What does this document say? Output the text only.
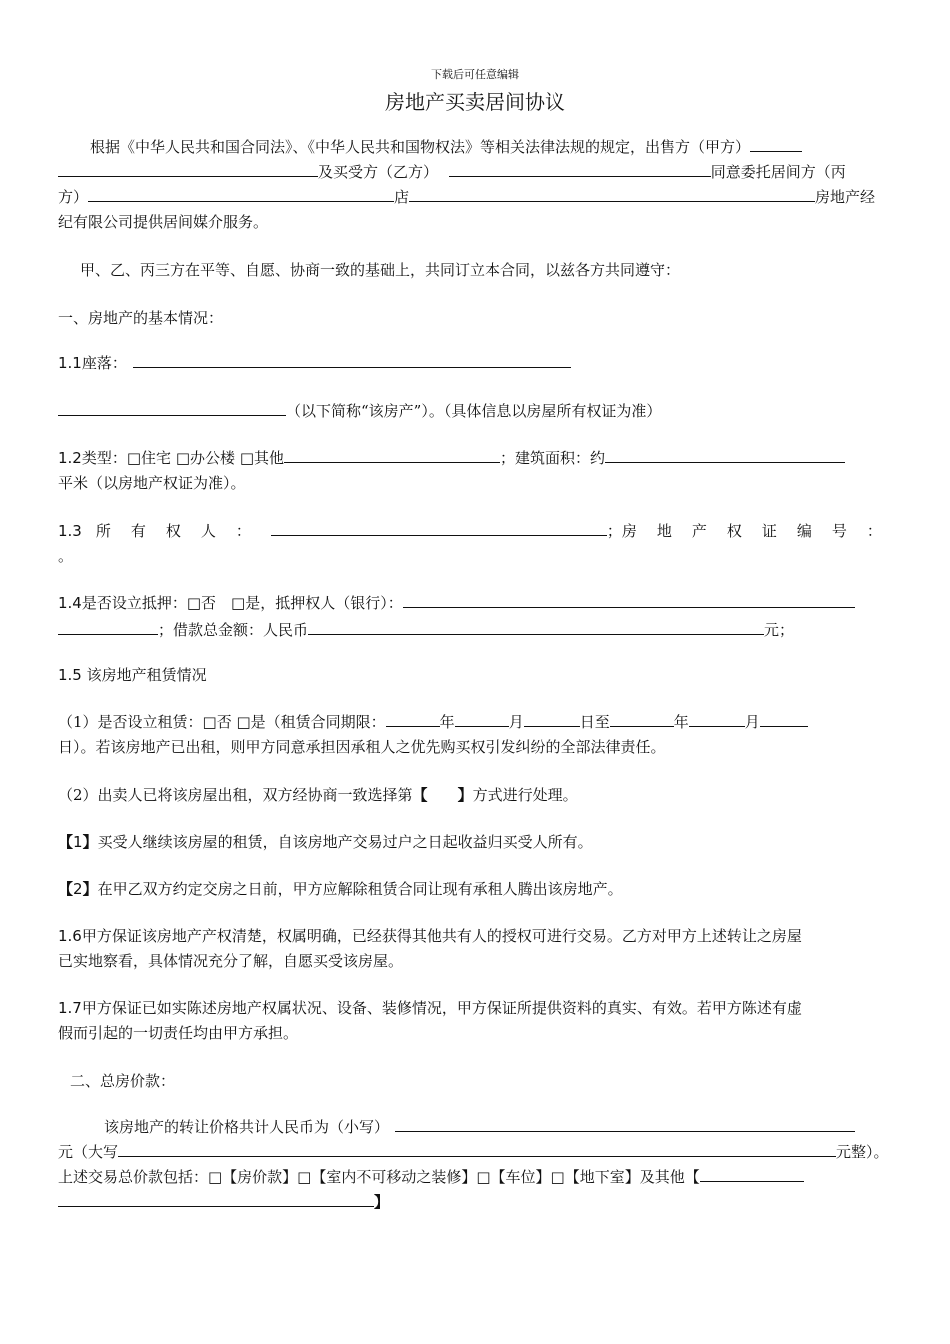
下载后可任意编辑
房地产买卖居间协议
根据《中华人民共和国合同法》、《中华人民共和国物权法》等相关法律法规的规定，出售方（甲方）
及买受方（乙方）	同意委托居间方（丙
方）	店	房地产经
纪有限公司提供居间媒介服务。
甲、乙、丙三方在平等、自愿、协商一致的基础上，共同订立本合同，以兹各方共同遵守：
一、房地产的基本情况：
1.1座落：
（以下简称“该房产”）。（具体信息以房屋所有权证为准）
1.2类型：□住宅 □办公楼 □其他	；建筑面积：约
平米（以房地产权证为准）。
1.3 所有权人：	； 房地产权证编号：
。
1.4是否设立抵押：□否　□是，抵押权人（银行）：
；借款总金额：人民币	元；
1.5 该房地产租赁情况
（1）是否设立租赁：□否 □是（租赁合同期限：	年	月	日至	年	月
日）。若该房地产已出租，则甲方同意承担因承租人之优先购买权引发纠纷的全部法律责任。
（2）出卖人已将该房屋出租，双方经协商一致选择第【 】方式进行处理。
【1】买受人继续该房屋的租赁，自该房地产交易过户之日起收益归买受人所有。
【2】在甲乙双方约定交房之日前，甲方应解除租赁合同让现有承租人腾出该房地产。
1.6甲方保证该房地产产权清楚，权属明确，已经获得其他共有人的授权可进行交易。乙方对甲方上述转让之房屋
已实地察看，具体情况充分了解，自愿买受该房屋。
1.7甲方保证已如实陈述房地产权属状况、设备、装修情况，甲方保证所提供资料的真实、有效。若甲方陈述有虚
假而引起的一切责任均由甲方承担。
二、总房价款：
该房地产的转让价格共计人民币为（小写）
元（大写	元整）。
上述交易总价款包括：□【房价款】□【室内不可移动之装修】□【车位】□【地下室】及其他【
】
